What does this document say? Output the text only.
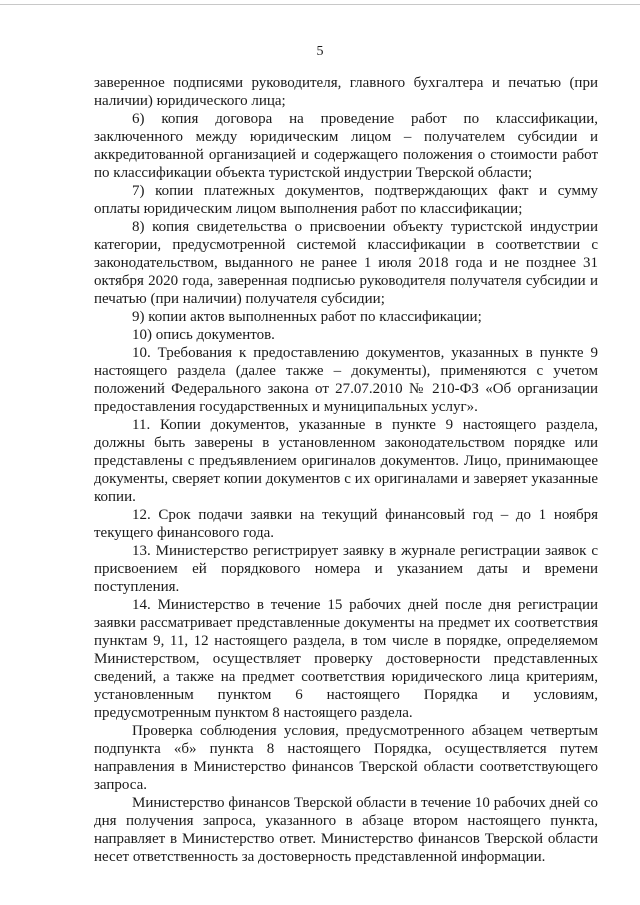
5

заверенное подписями руководителя, главного бухгалтера и печатью (при наличии) юридического лица;

6) копия договора на проведение работ по классификации, заключенного между юридическим лицом – получателем субсидии и аккредитованной организацией и содержащего положения о стоимости работ по классификации объекта туристской индустрии Тверской области;

7) копии платежных документов, подтверждающих факт и сумму оплаты юридическим лицом выполнения работ по классификации;

8) копия свидетельства о присвоении объекту туристской индустрии категории, предусмотренной системой классификации в соответствии с законодательством, выданного не ранее 1 июля 2018 года и не позднее 31 октября 2020 года, заверенная подписью руководителя получателя субсидии и печатью (при наличии) получателя субсидии;

9) копии актов выполненных работ по классификации;

10) опись документов.

10. Требования к предоставлению документов, указанных в пункте 9 настоящего раздела (далее также – документы), применяются с учетом положений Федерального закона от 27.07.2010 № 210-ФЗ «Об организации предоставления государственных и муниципальных услуг».

11. Копии документов, указанные в пункте 9 настоящего раздела, должны быть заверены в установленном законодательством порядке или представлены с предъявлением оригиналов документов. Лицо, принимающее документы, сверяет копии документов с их оригиналами и заверяет указанные копии.

12. Срок подачи заявки на текущий финансовый год – до 1 ноября текущего финансового года.

13. Министерство регистрирует заявку в журнале регистрации заявок с присвоением ей порядкового номера и указанием даты и времени поступления.

14. Министерство в течение 15 рабочих дней после дня регистрации заявки рассматривает представленные документы на предмет их соответствия пунктам 9, 11, 12 настоящего раздела, в том числе в порядке, определяемом Министерством, осуществляет проверку достоверности представленных сведений, а также на предмет соответствия юридического лица критериям, установленным пунктом 6 настоящего Порядка и условиям, предусмотренным пунктом 8 настоящего раздела.

Проверка соблюдения условия, предусмотренного абзацем четвертым подпункта «б» пункта 8 настоящего Порядка, осуществляется путем направления в Министерство финансов Тверской области соответствующего запроса.

Министерство финансов Тверской области в течение 10 рабочих дней со дня получения запроса, указанного в абзаце втором настоящего пункта, направляет в Министерство ответ. Министерство финансов Тверской области несет ответственность за достоверность представленной информации.
